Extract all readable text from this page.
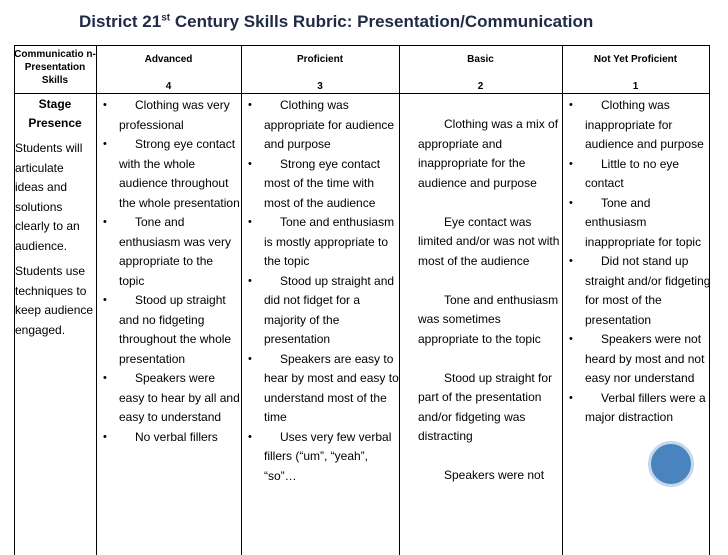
District 21st Century Skills Rubric: Presentation/Communication
Communicatio n- Presentation Skills
Advanced
4
Proficient
3
Basic
2
Not Yet Proficient
1
Stage
Presence

Students will articulate ideas and solutions clearly to an audience.

Students use techniques to keep audience engaged.

• Clothing was very professional
• Strong eye contact with the whole audience throughout the whole presentation
• Tone and enthusiasm was very appropriate to the topic
• Stood up straight and no fidgeting throughout the whole presentation
• Speakers were easy to hear by all and easy to understand
• No verbal fillers
• Clothing was appropriate for audience and purpose
• Strong eye contact most of the time with most of the audience
• Tone and enthusiasm is mostly appropriate to the topic
• Stood up straight and did not fidget for a majority of the presentation
• Speakers are easy to hear by most and easy to understand most of the time
• Uses very few verbal fillers (“um”, “yeah”, “so”…

Clothing was a mix of appropriate and inappropriate for the audience and purpose

Eye contact was limited and/or was not with most of the audience

Tone and enthusiasm was sometimes appropriate to the topic

Stood up straight for part of the presentation and/or fidgeting was distracting

Speakers were not

• Clothing was inappropriate for audience and purpose
• Little to no eye contact
• Tone and enthusiasm inappropriate for topic
• Did not stand up straight and/or fidgeting for most of the presentation
• Speakers were not heard by most and not easy nor understand
• Verbal fillers were a major distraction
